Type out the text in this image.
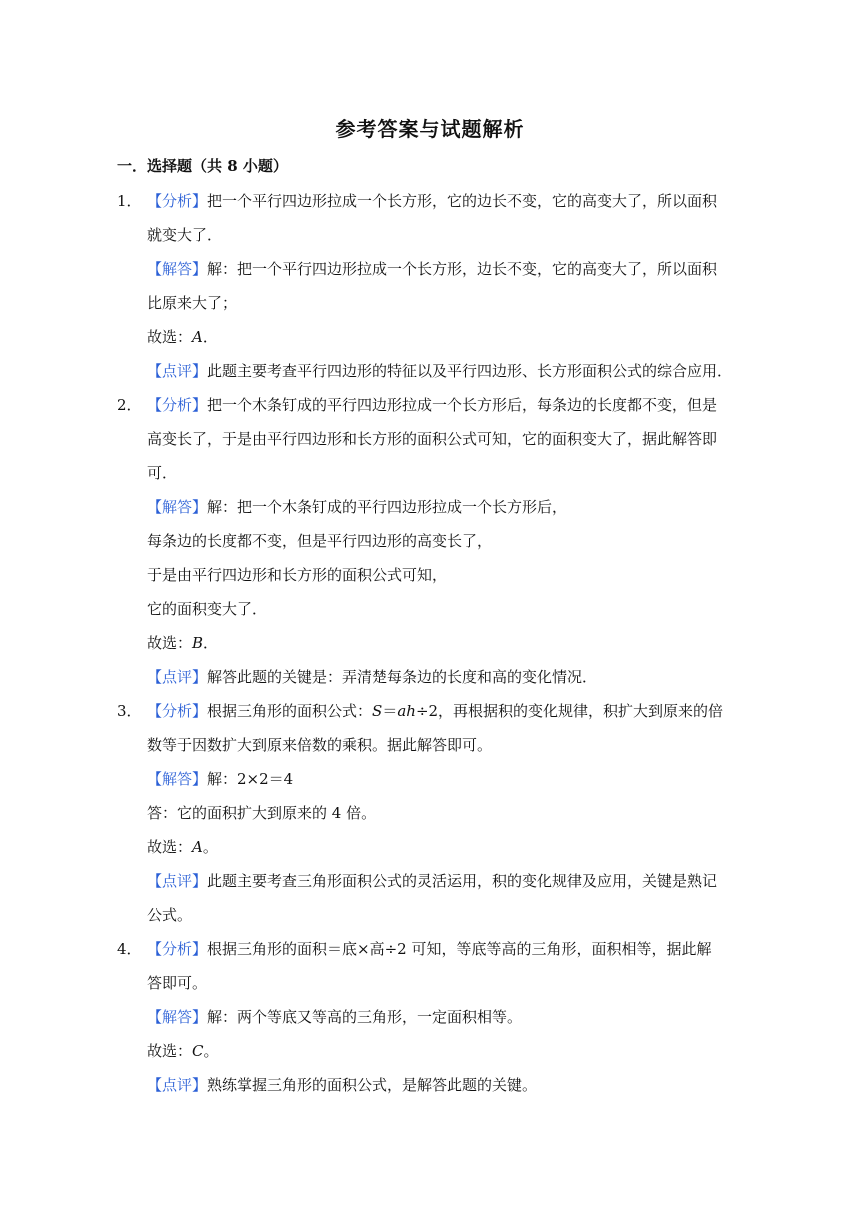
参考答案与试题解析
一．选择题（共 8 小题）
1． 【分析】把一个平行四边形拉成一个长方形，它的边长不变，它的高变大了，所以面积
就变大了．
【解答】解：把一个平行四边形拉成一个长方形，边长不变，它的高变大了，所以面积
比原来大了；
故选：A．
【点评】此题主要考查平行四边形的特征以及平行四边形、长方形面积公式的综合应用．
2． 【分析】把一个木条钉成的平行四边形拉成一个长方形后，每条边的长度都不变，但是
高变长了，于是由平行四边形和长方形的面积公式可知，它的面积变大了，据此解答即
可．
【解答】解：把一个木条钉成的平行四边形拉成一个长方形后，
每条边的长度都不变，但是平行四边形的高变长了，
于是由平行四边形和长方形的面积公式可知，
它的面积变大了．
故选：B．
【点评】解答此题的关键是：弄清楚每条边的长度和高的变化情况．
3． 【分析】根据三角形的面积公式：S＝ah÷2，再根据积的变化规律，积扩大到原来的倍
数等于因数扩大到原来倍数的乘积。据此解答即可。
【解答】解：2×2＝4
答：它的面积扩大到原来的 4 倍。
故选：A。
【点评】此题主要考查三角形面积公式的灵活运用，积的变化规律及应用，关键是熟记
公式。
4． 【分析】根据三角形的面积＝底×高÷2 可知，等底等高的三角形，面积相等，据此解
答即可。
【解答】解：两个等底又等高的三角形，一定面积相等。
故选：C。
【点评】熟练掌握三角形的面积公式，是解答此题的关键。
